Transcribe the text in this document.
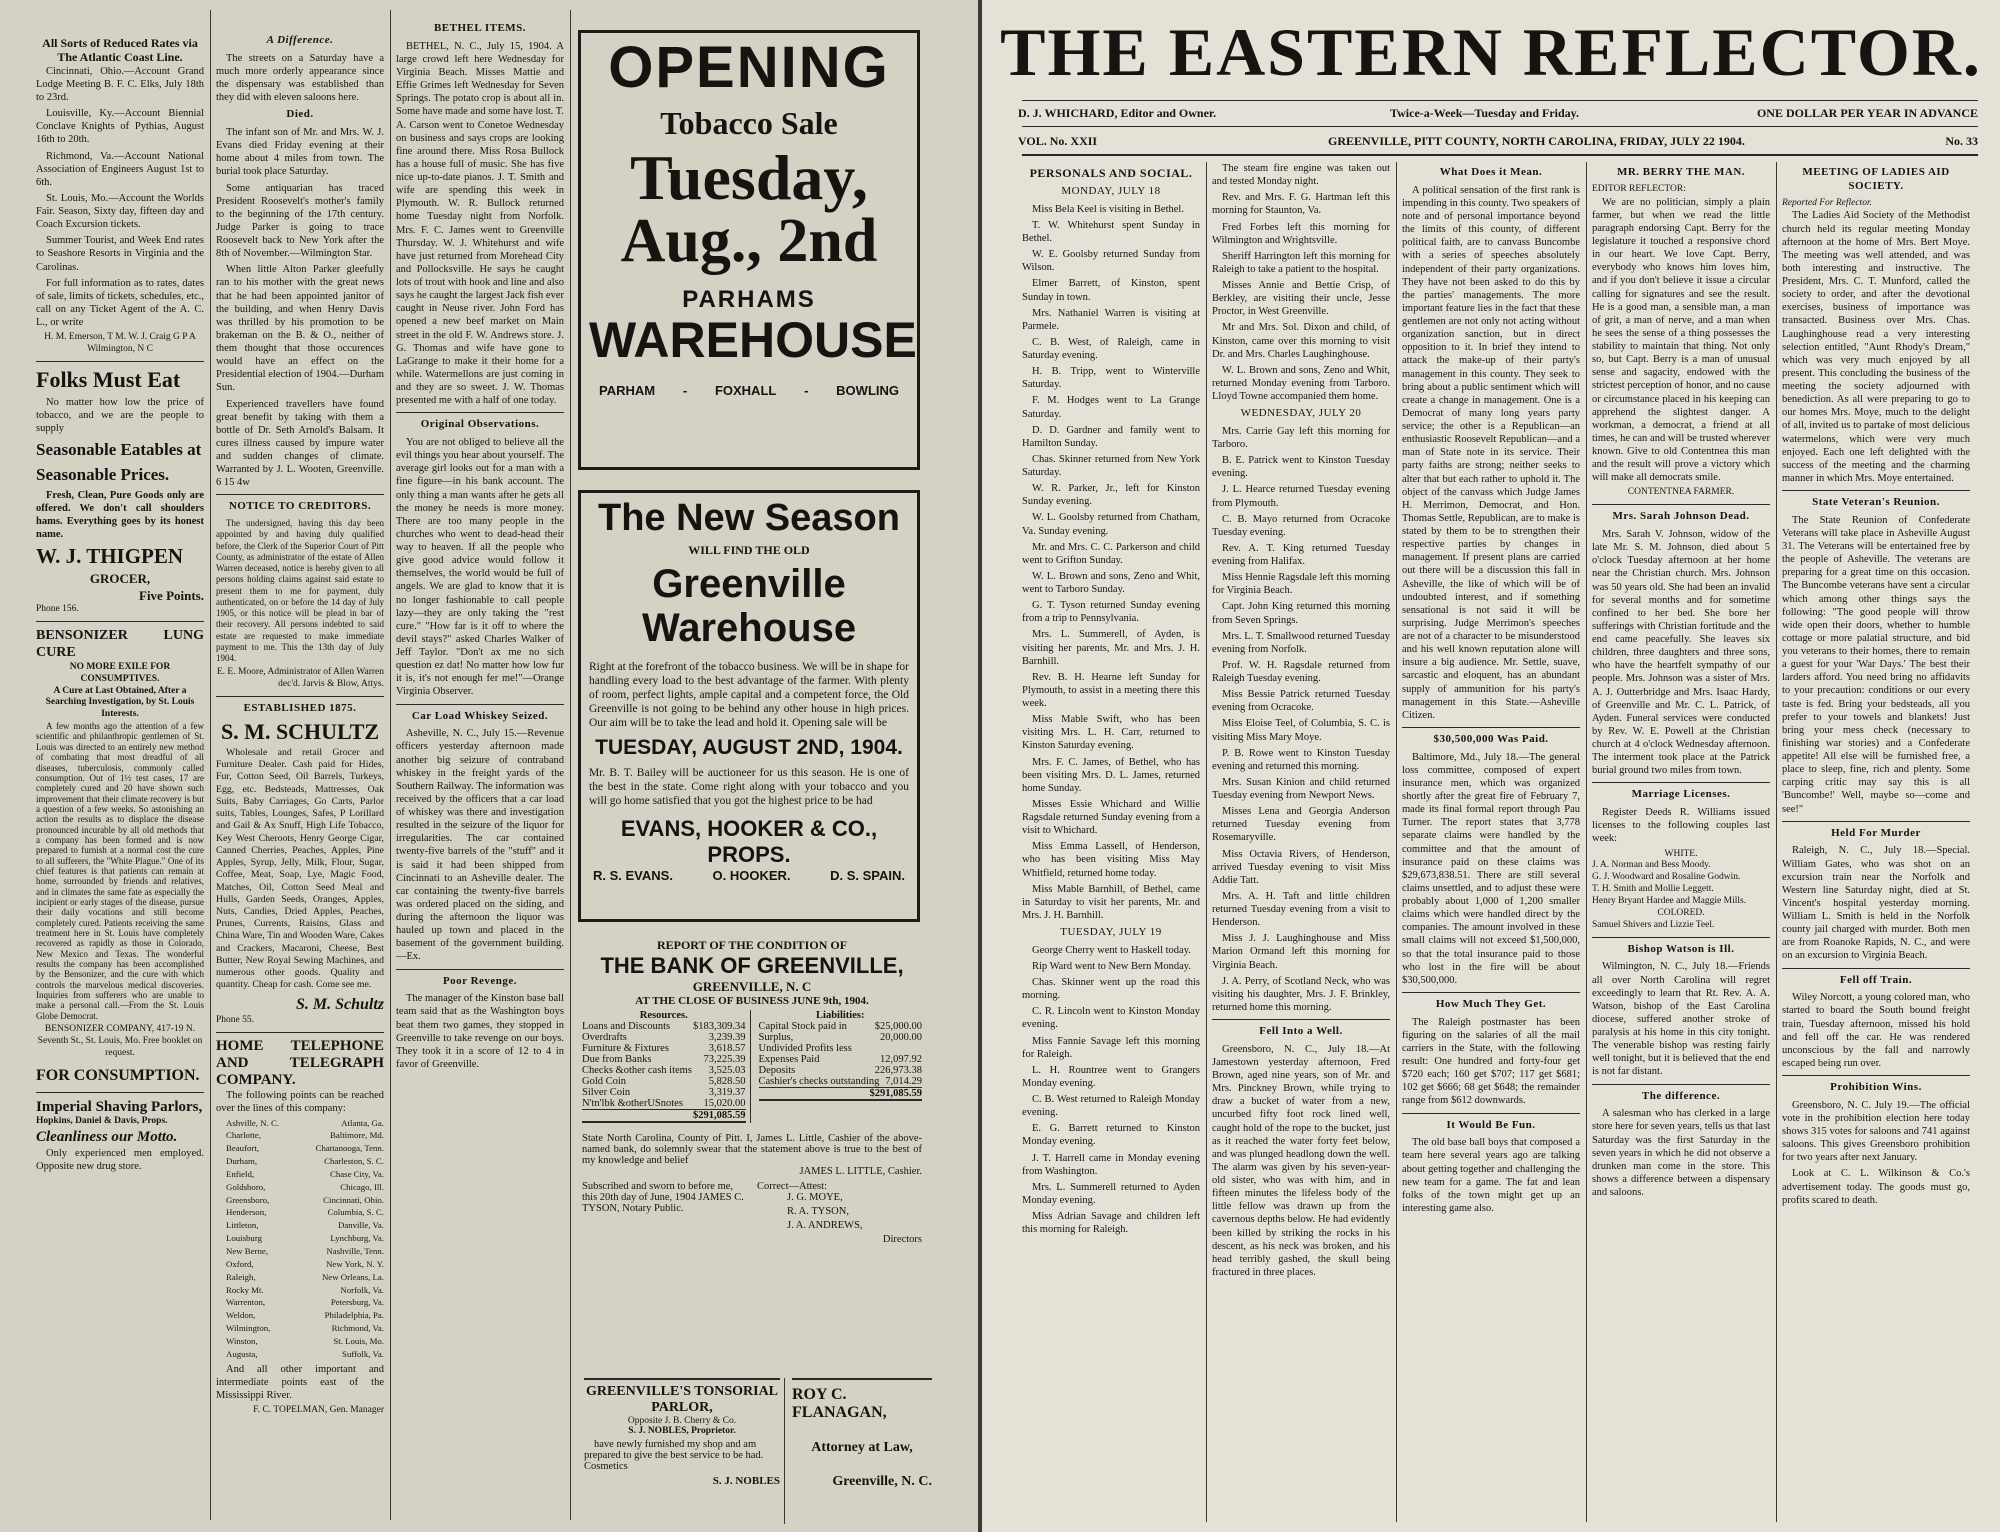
All Sorts of Reduced Rates via The Atlantic Coast Line.
Cincinnati, Ohio.—Account Grand Lodge Meeting B. F. C. Elks, July 18th to 23rd.
Louisville, Ky.—Account Biennial Conclave Knights of Pythias, August 16th to 20th.
Richmond, Va.—Account National Association of Engineers August 1st to 6th.
St. Louis, Mo.—Account the Worlds Fair. Season, Sixty day, fifteen day and Coach Excursion tickets.
Summer Tourist, and Week End rates to Seashore Resorts in Virginia and the Carolinas.
For full information as to rates, dates of sale, limits of tickets, schedules, etc., call on any Ticket Agent of the A. C. L., or write
H. M. Emerson, T M. W. J. Craig G P A Wilmington, N C
Folks Must Eat
No matter how low the price of tobacco, and we are the people to supply
Seasonable Eatables at
Seasonable Prices.
Fresh, Clean, Pure Goods only are offered. We don't call shoulders hams. Everything goes by its honest name.
W. J. THIGPEN
GROCER,
Five Points.
Phone 156.
BENSONIZER LUNG CURE
NO MORE EXILE FOR CONSUMPTIVES.
A Cure at Last Obtained, After a Searching Investigation, by St. Louis Interests.
A few months ago the attention of a few scientific and philanthropic gentlemen of St. Louis was directed to an entirely new method of combating that most dreadful of all diseases, tuberculosis, commonly called consumption. Out of 1½ test cases, 17 are completely cured and 20 have shown such improvement that their climate recovery is but a question of a few weeks. So astonishing an action the results as to displace the disease pronounced incurable by all old methods that a company has been formed and is now prepared to furnish at a normal cost the cure to all sufferers, the "White Plague." One of its chief features is that patients can remain at home, surrounded by friends and relatives, and in climates the same fate as especially the incipient or early stages of the disease, pursue their daily vocations and still become completely cured. Patients receiving the same treatment here in St. Louis have completely recovered as rapidly as those in Colorado, New Mexico and Texas. The wonderful results the company has been accomplished by the Bensonizer, and the cure with which controls the marvelous medical discoveries. Inquiries from sufferers who are unable to make a personal call.—From the St. Louis Globe Democrat.
BENSONIZER COMPANY, 417-19 N. Seventh St., St. Louis, Mo. Free booklet on request.
FOR CONSUMPTION.
Imperial Shaving Parlors,
Hopkins, Daniel & Davis, Props.
Cleanliness our Motto.
Only experienced men employed. Opposite new drug store.
A Difference.
The streets on a Saturday have a much more orderly appearance since the dispensary was established than they did with eleven saloons here.
Died.
The infant son of Mr. and Mrs. W. J. Evans died Friday evening at their home about 4 miles from town. The burial took place Saturday.
Some antiquarian has traced President Roosevelt's mother's family to the beginning of the 17th century. Judge Parker is going to trace Roosevelt back to New York after the 8th of November.—Wilmington Star.
When little Alton Parker gleefully ran to his mother with the great news that he had been appointed janitor of the building, and when Henry Davis was thrilled by his promotion to be brakeman on the B. & O., neither of them thought that those occurences would have an effect on the Presidential election of 1904.—Durham Sun.
Experienced travellers have found great benefit by taking with them a bottle of Dr. Seth Arnold's Balsam. It cures illness caused by impure water and sudden changes of climate. Warranted by J. L. Wooten, Greenville. 6 15 4w
NOTICE TO CREDITORS.
The undersigned, having this day been appointed by and having duly qualified before, the Clerk of the Superior Court of Pitt County, as administrator of the estate of Allen Warren deceased, notice is hereby given to all persons holding claims against said estate to present them to me for payment, duly authenticated, on or before the 14 day of July 1905, or this notice will be plead in bar of their recovery. All persons indebted to said estate are requested to make immediate payment to me. This the 13th day of July 1904.
E. E. Moore, Administrator of Allen Warren dec'd. Jarvis & Blow, Attys.
ESTABLISHED 1875.
S. M. SCHULTZ
Wholesale and retail Grocer and Furniture Dealer. Cash paid for Hides, Fur, Cotton Seed, Oil Barrels, Turkeys, Egg, etc. Bedsteads, Mattresses, Oak Suits, Baby Carriages, Go Carts, Parlor suits, Tables, Lounges, Safes, P Lorillard and Gail & Ax Snuff, High Life Tobacco, Key West Cheroots, Henry George Cigar, Canned Cherries, Peaches, Apples, Pine Apples, Syrup, Jelly, Milk, Flour, Sugar, Coffee, Meat, Soap, Lye, Magic Food, Matches, Oil, Cotton Seed Meal and Hulls, Garden Seeds, Oranges, Apples, Nuts, Candies, Dried Apples, Peaches, Prunes, Currents, Raisins, Glass and China Ware, Tin and Wooden Ware, Cakes and Crackers, Macaroni, Cheese, Best Butter, New Royal Sewing Machines, and numerous other goods. Quality and quantity. Cheap for cash. Come see me.
S. M. Schultz
Phone 55.
HOME TELEPHONE AND TELEGRAPH COMPANY.
The following points can be reached over the lines of this company:
Ashville, N. C.
Charlotte,
Beaufort,
Durham,
Enfield,
Goldsboro,
Greensboro,
Henderson,
Littleton,
Louisburg
New Berne,
Oxford,
Raleigh,
Rocky Mt.
Warrenton,
Weldon,
Wilmington,
Winston,
Augusta,
Atlanta, Ga.
Baltimore, Md.
Chattanooga, Tenn.
Charleston, S. C.
Chase City, Va.
Chicago, Ill.
Cincinnati, Ohio.
Columbia, S. C.
Danville, Va.
Lynchburg, Va.
Nashville, Tenn.
New York, N. Y.
New Orleans, La.
Norfolk, Va.
Petersburg, Va.
Philadelphia, Pa.
Richmond, Va.
St. Louis, Mo.
Suffolk, Va.
And all other important and intermediate points east of the Mississippi River.
F. C. TOPELMAN, Gen. Manager
BETHEL ITEMS.
BETHEL, N. C., July 15, 1904. A large crowd left here Wednesday for Virginia Beach. Misses Mattie and Effie Grimes left Wednesday for Seven Springs. The potato crop is about all in. Some have made and some have lost. T. A. Carson went to Conetoe Wednesday on business and says crops are looking fine around there. Miss Rosa Bullock has a house full of music. She has five nice up-to-date pianos. J. T. Smith and wife are spending this week in Plymouth. W. R. Bullock returned home Tuesday night from Norfolk. Mrs. F. C. James went to Greenville Thursday. W. J. Whitehurst and wife have just returned from Morehead City and Pollocksville. He says he caught lots of trout with hook and line and also says he caught the largest Jack fish ever caught in Neuse river. John Ford has opened a new beef market on Main street in the old F. W. Andrews store. J. G. Thomas and wife have gone to LaGrange to make it their home for a while. Watermellons are just coming in and they are so sweet. J. W. Thomas presented me with a half of one today.
Original Observations.
You are not obliged to believe all the evil things you hear about yourself. The average girl looks out for a man with a fine figure—in his bank account. The only thing a man wants after he gets all the money he needs is more money. There are too many people in the churches who went to dead-head their way to heaven. If all the people who give good advice would follow it themselves, the world would be full of angels. We are glad to know that it is no longer fashionable to call people lazy—they are only taking the "rest cure." "How far is it off to where the devil stays?" asked Charles Walker of Jeff Taylor. "Don't ax me no sich question ez dat! No matter how low fur it is, it's not enough fer me!"—Orange Virginia Observer.
Car Load Whiskey Seized.
Asheville, N. C., July 15.—Revenue officers yesterday afternoon made another big seizure of contraband whiskey in the freight yards of the Southern Railway. The information was received by the officers that a car load of whiskey was there and investigation resulted in the seizure of the liquor for irregularities. The car contained twenty-five barrels of the "stuff" and it is said it had been shipped from Cincinnati to an Asheville dealer. The car containing the twenty-five barrels was ordered placed on the siding, and during the afternoon the liquor was hauled up town and placed in the basement of the government building.—Ex.
Poor Revenge.
The manager of the Kinston base ball team said that as the Washington boys beat them two games, they stopped in Greenville to take revenge on our boys. They took it in a score of 12 to 4 in favor of Greenville.
OPENING
Tobacco Sale
Tuesday,
Aug., 2nd
PARHAMS
WAREHOUSE
PARHAM - FOXHALL - BOWLING
The New Season
WILL FIND THE OLD
Greenville
Warehouse
Right at the forefront of the tobacco business. We will be in shape for handling every load to the best advantage of the farmer. With plenty of room, perfect lights, ample capital and a competent force, the Old Greenville is not going to be behind any other house in high prices. Our aim will be to take the lead and hold it. Opening sale will be
TUESDAY, AUGUST 2ND, 1904.
Mr. B. T. Bailey will be auctioneer for us this season. He is one of the best in the state. Come right along with your tobacco and you will go home satisfied that you got the highest price to be had
EVANS, HOOKER & CO., PROPS.
R. S. EVANS.	O. HOOKER.	D. S. SPAIN.
REPORT OF THE CONDITION OF
THE BANK OF GREENVILLE,
GREENVILLE, N. C
AT THE CLOSE OF BUSINESS JUNE 9th, 1904.
Resources.
Loans and Discounts $183,309.34
Overdrafts	3,239.39
Furniture & Fixtures	3,618.57
Due from Banks	73,225.39
Checks &other cash items 3,525.03
Gold Coin	5,828.50
Silver Coin	3,319.37
N'tn'lbk &otherUSnotes 15,020.00
$291,085.59
Liabilities:
Capital Stock paid in	$25,000.00
Surplus,	20,000.00
Undivided Profits less
Expenses Paid	12,097.92
Deposits	226,973.38
Cashier's checks outstanding 7,014.29
$291,085.59
State North Carolina, County of Pitt. I, James L. Little, Cashier of the above-named bank, do solemnly swear that the statement above is true to the best of my knowledge and belief
JAMES L. LITTLE, Cashier.
Subscribed and sworn to before me, this 20th day of June, 1904 JAMES C. TYSON, Notary Public.
Correct—Attest:
J. G. MOYE,
R. A. TYSON,
J. A. ANDREWS,
Directors
GREENVILLE'S TONSORIAL PARLOR,
Opposite J. B. Cherry & Co.
S. J. NOBLES, Proprietor.
have newly furnished my shop and am prepared to give the best service to be had. Cosmetics
S. J. NOBLES
ROY C. FLANAGAN,
Attorney at Law,
Greenville, N. C.
THE EASTERN REFLECTOR.
D. J. WHICHARD, Editor and Owner.	Twice-a-Week—Tuesday and Friday.	ONE DOLLAR PER YEAR IN ADVANCE
VOL. No. XXII	GREENVILLE, PITT COUNTY, NORTH CAROLINA, FRIDAY, JULY 22 1904.	No. 33
PERSONALS AND SOCIAL.
MONDAY, JULY 18
Miss Bela Keel is visiting in Bethel.
T. W. Whitehurst spent Sunday in Bethel.
W. E. Goolsby returned Sunday from Wilson.
Elmer Barrett, of Kinston, spent Sunday in town.
Mrs. Nathaniel Warren is visiting at Parmele.
C. B. West, of Raleigh, came in Saturday evening.
H. B. Tripp, went to Winterville Saturday.
F. M. Hodges went to La Grange Saturday.
D. D. Gardner and family went to Hamilton Sunday.
Chas. Skinner returned from New York Saturday.
W. R. Parker, Jr., left for Kinston Sunday evening.
W. L. Goolsby returned from Chatham, Va. Sunday evening.
Mr. and Mrs. C. C. Parkerson and child went to Grifton Sunday.
W. L. Brown and sons, Zeno and Whit, went to Tarboro Sunday.
G. T. Tyson returned Sunday evening from a trip to Pennsylvania.
Mrs. L. Summerell, of Ayden, is visiting her parents, Mr. and Mrs. J. H. Barnhill.
Rev. B. H. Hearne left Sunday for Plymouth, to assist in a meeting there this week.
Miss Mable Swift, who has been visiting Mrs. L. H. Carr, returned to Kinston Saturday evening.
Mrs. F. C. James, of Bethel, who has been visiting Mrs. D. L. James, returned home Sunday.
Misses Essie Whichard and Willie Ragsdale returned Sunday evening from a visit to Whichard.
Miss Emma Lassell, of Henderson, who has been visiting Miss May Whitfield, returned home today.
Miss Mable Barnhill, of Bethel, came in Saturday to visit her parents, Mr. and Mrs. J. H. Barnhill.
TUESDAY, JULY 19
George Cherry went to Haskell today.
Rip Ward went to New Bern Monday.
Chas. Skinner went up the road this morning.
C. R. Lincoln went to Kinston Monday evening.
Miss Fannie Savage left this morning for Raleigh.
L. H. Rountree went to Grangers Monday evening.
C. B. West returned to Raleigh Monday evening.
E. G. Barrett returned to Kinston Monday evening.
J. T. Harrell came in Monday evening from Washington.
Mrs. L. Summerell returned to Ayden Monday evening.
Miss Adrian Savage and children left this morning for Raleigh.
The steam fire engine was taken out and tested Monday night.
Rev. and Mrs. F. G. Hartman left this morning for Staunton, Va.
Fred Forbes left this morning for Wilmington and Wrightsville.
Sheriff Harrington left this morning for Raleigh to take a patient to the hospital.
Misses Annie and Bettie Crisp, of Berkley, are visiting their uncle, Jesse Proctor, in West Greenville.
Mr and Mrs. Sol. Dixon and child, of Kinston, came over this morning to visit Dr. and Mrs. Charles Laughinghouse.
W. L. Brown and sons, Zeno and Whit, returned Monday evening from Tarboro. Lloyd Towne accompanied them home.
WEDNESDAY, JULY 20
Mrs. Carrie Gay left this morning for Tarboro.
B. E. Patrick went to Kinston Tuesday evening.
J. L. Hearce returned Tuesday evening from Plymouth.
C. B. Mayo returned from Ocracoke Tuesday evening.
Rev. A. T. King returned Tuesday evening from Halifax.
Miss Hennie Ragsdale left this morning for Virginia Beach.
Capt. John King returned this morning from Seven Springs.
Mrs. L. T. Smallwood returned Tuesday evening from Norfolk.
Prof. W. H. Ragsdale returned from Raleigh Tuesday evening.
Miss Bessie Patrick returned Tuesday evening from Ocracoke.
Miss Eloise Teel, of Columbia, S. C. is visiting Miss Mary Moye.
P. B. Rowe went to Kinston Tuesday evening and returned this morning.
Mrs. Susan Kinion and child returned Tuesday evening from Newport News.
Misses Lena and Georgia Anderson returned Tuesday evening from Rosemaryville.
Miss Octavia Rivers, of Henderson, arrived Tuesday evening to visit Miss Addie Tatt.
Mrs. A. H. Taft and little children returned Tuesday evening from a visit to Henderson.
Miss J. J. Laughinghouse and Miss Marion Ormand left this morning for Virginia Beach.
J. A. Perry, of Scotland Neck, who was visiting his daughter, Mrs. J. F. Brinkley, returned home this morning.
Fell Into a Well.
Greensboro, N. C., July 18.—At Jamestown yesterday afternoon, Fred Brown, aged nine years, son of Mr. and Mrs. Pinckney Brown, while trying to draw a bucket of water from a new, uncurbed fifty foot rock lined well, caught hold of the rope to the bucket, just as it reached the water forty feet below, and was plunged headlong down the well. The alarm was given by his seven-year-old sister, who was with him, and in fifteen minutes the lifeless body of the little fellow was drawn up from the cavernous depths below. He had evidently been killed by striking the rocks in his descent, as his neck was broken, and his head terribly gashed, the skull being fractured in three places.
What Does it Mean.
A political sensation of the first rank is impending in this county. Two speakers of note and of personal importance beyond the limits of this county, of different political faith, are to canvass Buncombe with a series of speeches absolutely independent of their party organizations. They have not been asked to do this by the parties' managements. The more important feature lies in the fact that these gentlemen are not only not acting without organization sanction, but in direct opposition to it. In brief they intend to attack the make-up of their party's management in this county. They seek to bring about a public sentiment which will create a change in management. One is a Democrat of many long years party service; the other is a Republican—an enthusiastic Roosevelt Republican—and a man of State note in its service. Their party faiths are strong; neither seeks to alter that but each rather to uphold it. The object of the canvass which Judge James H. Merrimon, Democrat, and Hon. Thomas Settle, Republican, are to make is stated by them to be to strengthen their respective parties by changes in management. If present plans are carried out there will be a discussion this fall in Asheville, the like of which will be of undoubted interest, and if something sensational is not said it will be surprising. Judge Merrimon's speeches are not of a character to be misunderstood and his well known reputation alone will insure a big audience. Mr. Settle, suave, sarcastic and eloquent, has an abundant supply of ammunition for his party's management in this State.—Asheville Citizen.
$30,500,000 Was Paid.
Baltimore, Md., July 18.—The general loss committee, composed of expert insurance men, which was organized shortly after the great fire of February 7, made its final formal report through Pau Turner. The report states that 3,778 separate claims were handled by the committee and that the amount of insurance paid on these claims was $29,673,838.51. There are still several claims unsettled, and to adjust these were probably about 1,000 of 1,200 smaller claims which were handled direct by the companies. The amount involved in these small claims will not exceed $1,500,000, so that the total insurance paid to those who lost in the fire will be about $30,500,000.
How Much They Get.
The Raleigh postmaster has been figuring on the salaries of all the mail carriers in the State, with the following result: One hundred and forty-four get $720 each; 160 get $707; 117 get $681; 102 get $666; 68 get $648; the remainder range from $612 downwards.
It Would Be Fun.
The old base ball boys that composed a team here several years ago are talking about getting together and challenging the new team for a game. The fat and lean folks of the town might get up an interesting game also.
MR. BERRY THE MAN.
EDITOR REFLECTOR:
We are no politician, simply a plain farmer, but when we read the little paragraph endorsing Capt. Berry for the legislature it touched a responsive chord in our heart. We love Capt. Berry, everybody who knows him loves him, and if you don't believe it issue a circular calling for signatures and see the result. He is a good man, a sensible man, a man of grit, a man of nerve, and a man when he sees the sense of a thing possesses the stability to maintain that thing. Not only so, but Capt. Berry is a man of unusual sense and sagacity, endowed with the strictest perception of honor, and no cause or circumstance placed in his keeping can apprehend the slightest danger. A workman, a democrat, a friend at all times, he can and will be trusted wherever known. Give to old Contentnea this man and the result will prove a victory which will make all democrats smile.
CONTENTNEA FARMER.
Mrs. Sarah Johnson Dead.
Mrs. Sarah V. Johnson, widow of the late Mr. S. M. Johnson, died about 5 o'clock Tuesday afternoon at her home near the Christian church. Mrs. Johnson was 50 years old. She had been an invalid for several months and for sometime confined to her bed. She bore her sufferings with Christian fortitude and the end came peacefully. She leaves six children, three daughters and three sons, who have the heartfelt sympathy of our people. Mrs. Johnson was a sister of Mrs. A. J. Outterbridge and Mrs. Isaac Hardy, of Greenville and Mr. C. L. Patrick, of Ayden. Funeral services were conducted by Rev. W. E. Powell at the Christian church at 4 o'clock Wednesday afternoon. The interment took place at the Patrick burial ground two miles from town.
Marriage Licenses.
Register Deeds R. Williams issued licenses to the following couples last week:
WHITE.
J. A. Norman and Bess Moody.
G. J. Woodward and Rosaline Godwin.
T. H. Smith and Mollie Leggett.
Henry Bryant Hardee and Maggie Mills.
COLORED.
Samuel Shivers and Lizzie Teel.
Bishop Watson is Ill.
Wilmington, N. C., July 18.—Friends all over North Carolina will regret exceedingly to learn that Rt. Rev. A. A. Watson, bishop of the East Carolina diocese, suffered another stroke of paralysis at his home in this city tonight. The venerable bishop was resting fairly well tonight, but it is believed that the end is not far distant.
The difference.
A salesman who has clerked in a large store here for seven years, tells us that last Saturday was the first Saturday in the seven years in which he did not observe a drunken man come in the store. This shows a difference between a dispensary and saloons.
MEETING OF LADIES AID SOCIETY.
Reported For Reflector.
The Ladies Aid Society of the Methodist church held its regular meeting Monday afternoon at the home of Mrs. Bert Moye. The meeting was well attended, and was both interesting and instructive. The President, Mrs. C. T. Munford, called the society to order, and after the devotional exercises, business of importance was transacted. Business over Mrs. Chas. Laughinghouse read a very interesting selection entitled, "Aunt Rhody's Dream," which was very much enjoyed by all present. This concluding the business of the meeting the society adjourned with benediction. As all were preparing to go to our homes Mrs. Moye, much to the delight of all, invited us to partake of most delicious watermelons, which were very much enjoyed. Each one left delighted with the success of the meeting and the charming manner in which Mrs. Moye entertained.
State Veteran's Reunion.
The State Reunion of Confederate Veterans will take place in Asheville August 31. The Veterans will be entertained free by the people of Asheville. The veterans are preparing for a great time on this occasion. The Buncombe veterans have sent a circular which among other things says the following: "The good people will throw wide open their doors, whether to humble cottage or more palatial structure, and bid you veterans to their homes, there to remain a guest for your 'War Days.' The best their larders afford. You need bring no affidavits to your precaution: conditions or our every taste is fed. Bring your bedsteads, all you prefer to your towels and blankets! Just bring your mess check (necessary to finishing war stories) and a Confederate appetite! All else will be furnished free, a place to sleep, fine, rich and plenty. Some carping critic may say this is all 'Buncombe!' Well, maybe so—come and see!"
Held For Murder
Raleigh, N. C., July 18.—Special. William Gates, who was shot on an excursion train near the Norfolk and Western line Saturday night, died at St. Vincent's hospital yesterday morning. William L. Smith is held in the Norfolk county jail charged with murder. Both men are from Roanoke Rapids, N. C., and were on an excursion to Virginia Beach.
Fell off Train.
Wiley Norcott, a young colored man, who started to board the South bound freight train, Tuesday afternoon, missed his hold and fell off the car. He was rendered unconscious by the fall and narrowly escaped being run over.
Prohibition Wins.
Greensboro, N. C. July 19.—The official vote in the prohibition election here today shows 315 votes for saloons and 741 against saloons. This gives Greensboro prohibition for two years after next January.
Look at C. L. Wilkinson & Co.'s advertisement today. The goods must go, profits scared to death.
